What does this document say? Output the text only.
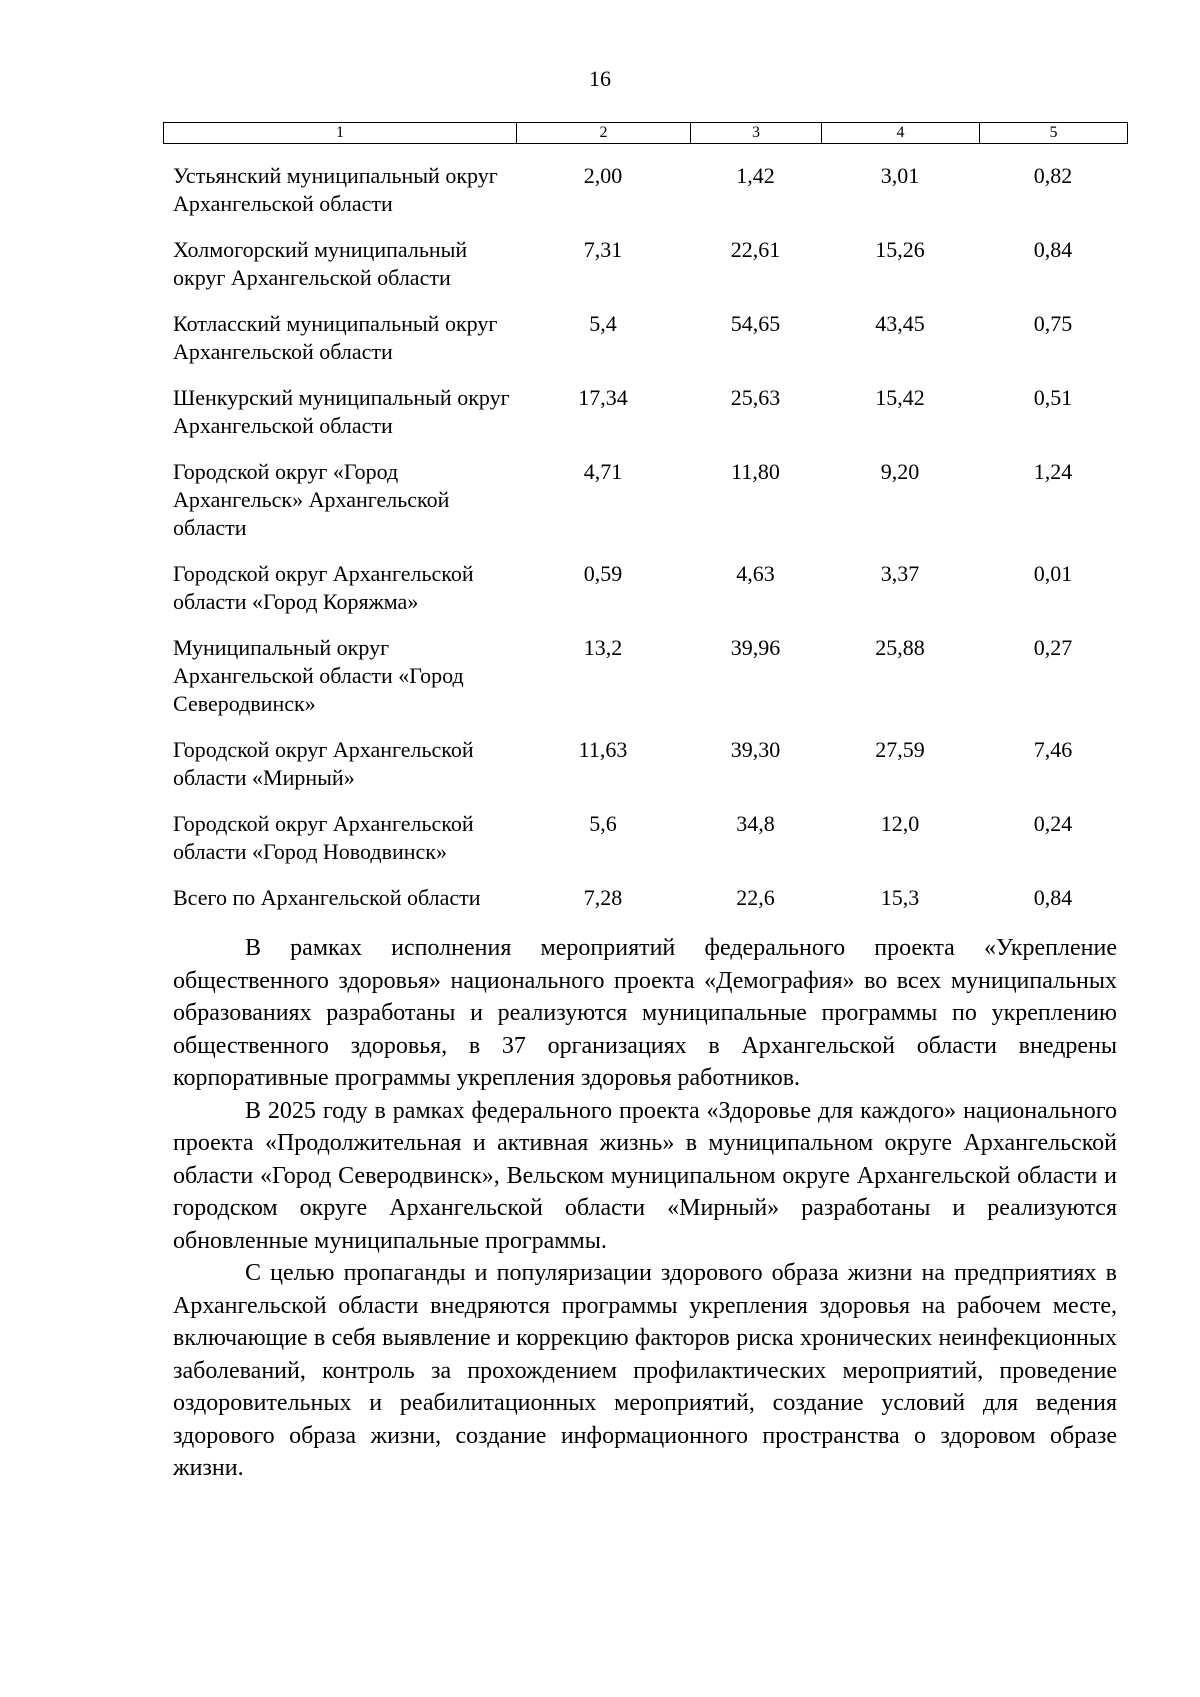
16
1	2	3	4	5
Устьянский муниципальный округ Архангельской области	2,00	1,42	3,01	0,82
Холмогорский муниципальный округ Архангельской области	7,31	22,61	15,26	0,84
Котласский муниципальный округ Архангельской области	5,4	54,65	43,45	0,75
Шенкурский муниципальный округ Архангельской области	17,34	25,63	15,42	0,51
Городской округ «Город Архангельск» Архангельской области	4,71	11,80	9,20	1,24
Городской округ Архангельской области «Город Коряжма»	0,59	4,63	3,37	0,01
Муниципальный округ Архангельской области «Город Северодвинск»	13,2	39,96	25,88	0,27
Городской округ Архангельской области «Мирный»	11,63	39,30	27,59	7,46
Городской округ Архангельской области «Город Новодвинск»	5,6	34,8	12,0	0,24
Всего по Архангельской области	7,28	22,6	15,3	0,84

В рамках исполнения мероприятий федерального проекта «Укрепление общественного здоровья» национального проекта «Демография» во всех муниципальных образованиях разработаны и реализуются муниципальные программы по укреплению общественного здоровья, в 37 организациях в Архангельской области внедрены корпоративные программы укрепления здоровья работников.

В 2025 году в рамках федерального проекта «Здоровье для каждого» национального проекта «Продолжительная и активная жизнь» в муниципальном округе Архангельской области «Город Северодвинск», Вельском муниципальном округе Архангельской области и городском округе Архангельской области «Мирный» разработаны и реализуются обновленные муниципальные программы.

С целью пропаганды и популяризации здорового образа жизни на предприятиях в Архангельской области внедряются программы укрепления здоровья на рабочем месте, включающие в себя выявление и коррекцию факторов риска хронических неинфекционных заболеваний, контроль за прохождением профилактических мероприятий, проведение оздоровительных и реабилитационных мероприятий, создание условий для ведения здорового образа жизни, создание информационного пространства о здоровом образе жизни.
